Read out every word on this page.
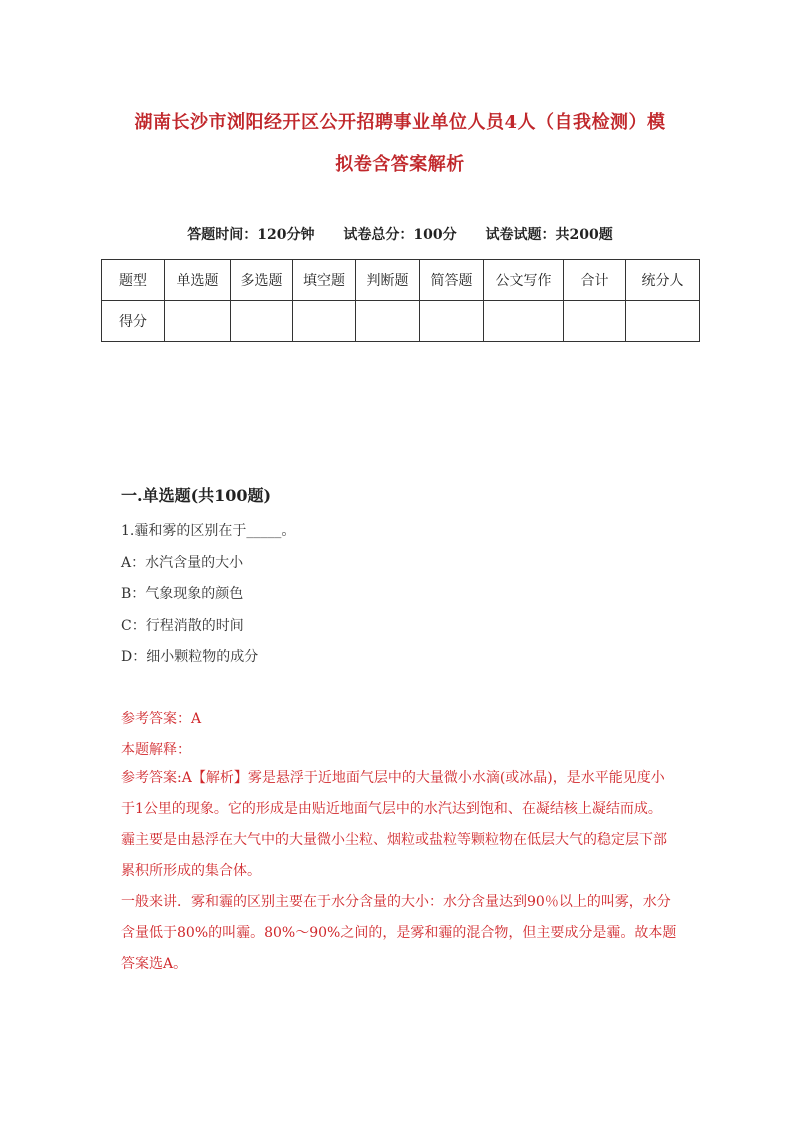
湖南长沙市浏阳经开区公开招聘事业单位人员4人（自我检测）模
拟卷含答案解析
答题时间：120分钟 试卷总分：100分 试卷试题：共200题
题型	单选题	多选题	填空题	判断题	简答题	公文写作	合计	统分人
得分								
一.单选题(共100题)
1.霾和雾的区别在于_____。
A：水汽含量的大小
B：气象现象的颜色
C：行程消散的时间
D：细小颗粒物的成分
参考答案：A
本题解释：

参考答案:A【解析】雾是悬浮于近地面气层中的大量微小水滴(或冰晶)，是水平能见度小于1公里的现象。它的形成是由贴近地面气层中的水汽达到饱和、在凝结核上凝结而成。

霾主要是由悬浮在大气中的大量微小尘粒、烟粒或盐粒等颗粒物在低层大气的稳定层下部累积所形成的集合体。

一般来讲．雾和霾的区别主要在于水分含量的大小：水分含量达到90％以上的叫雾，水分含量低于80%的叫霾。80%～90%之间的，是雾和霾的混合物，但主要成分是霾。故本题答案选A。
